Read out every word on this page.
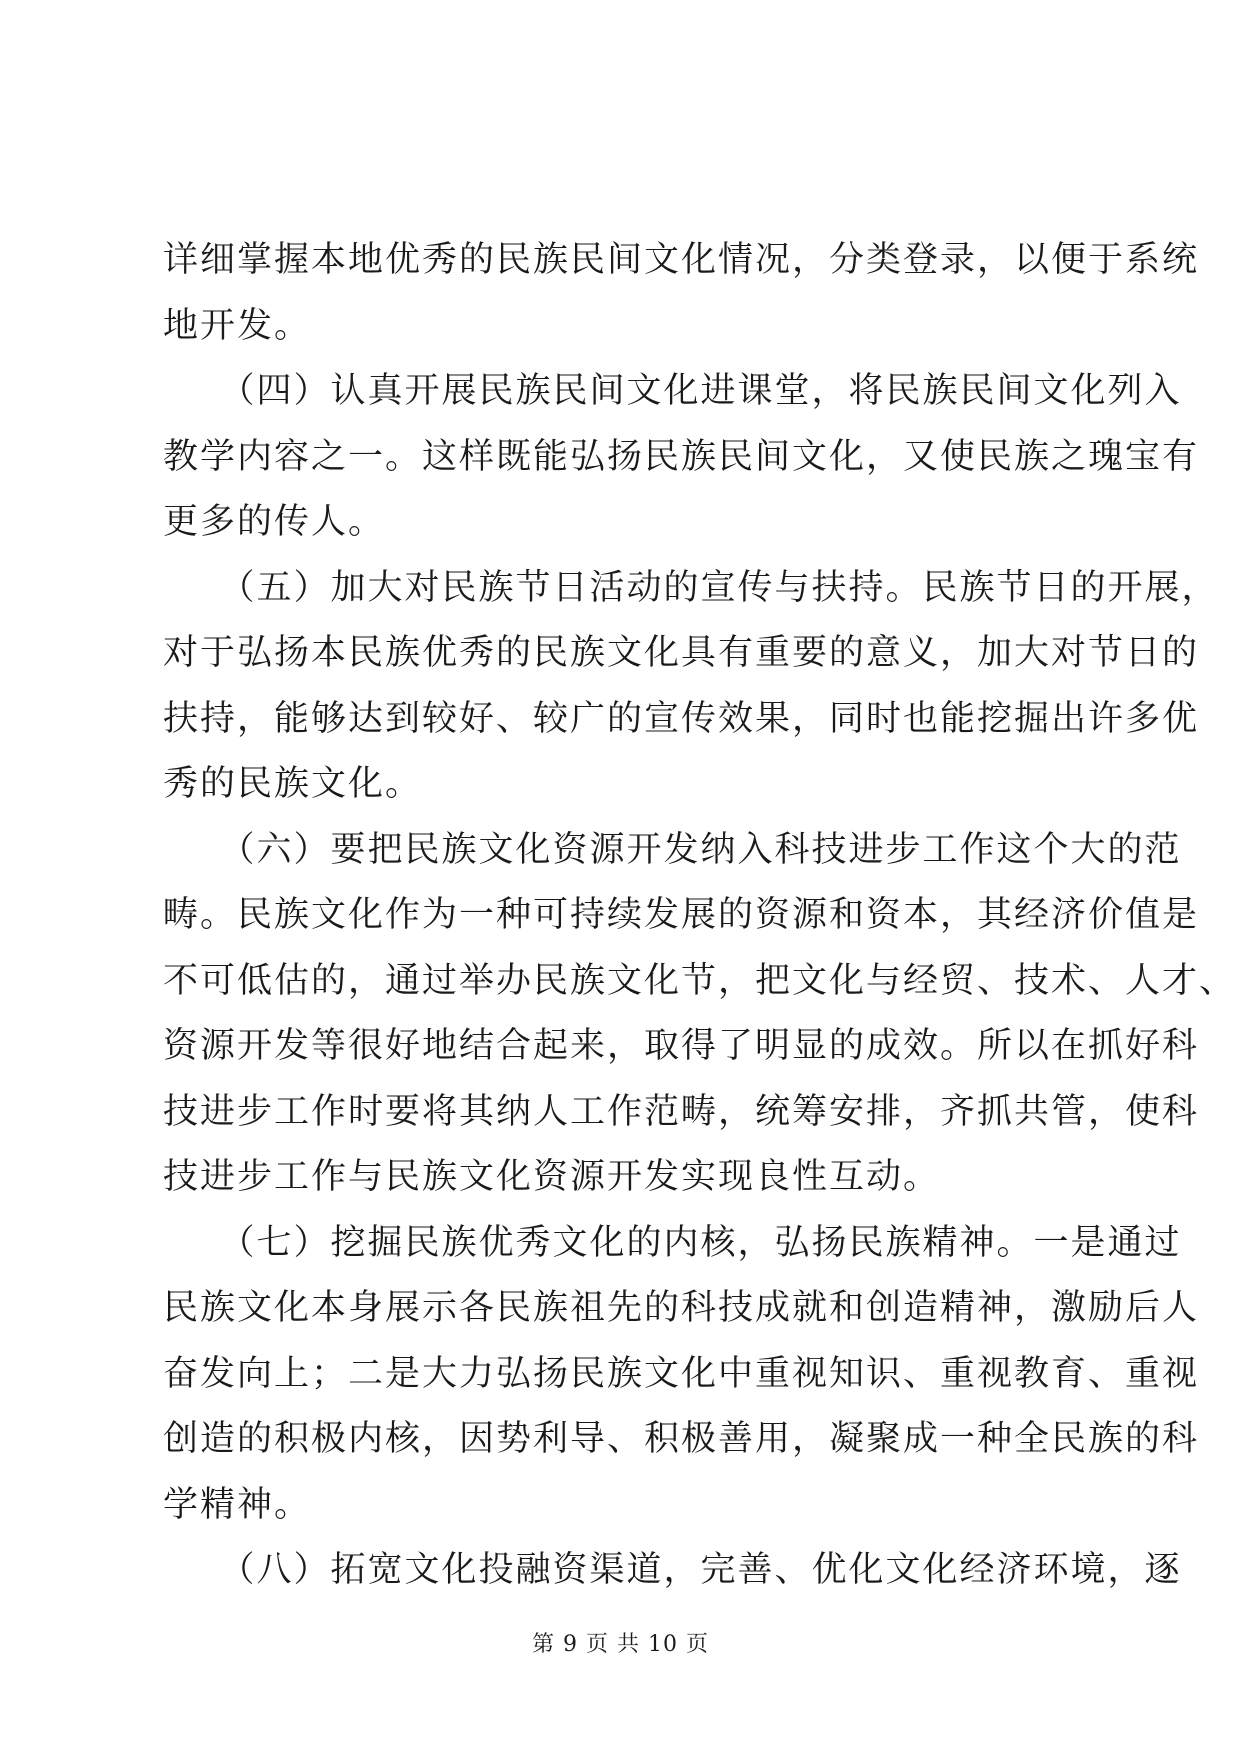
详细掌握本地优秀的民族民间文化情况，分类登录，以便于系统
地开发。

　　（四）认真开展民族民间文化进课堂，将民族民间文化列入
教学内容之一。这样既能弘扬民族民间文化，又使民族之瑰宝有
更多的传人。

　　（五）加大对民族节日活动的宣传与扶持。民族节日的开展，
对于弘扬本民族优秀的民族文化具有重要的意义，加大对节日的
扶持，能够达到较好、较广的宣传效果，同时也能挖掘出许多优
秀的民族文化。

　　（六）要把民族文化资源开发纳入科技进步工作这个大的范
畴。民族文化作为一种可持续发展的资源和资本，其经济价值是
不可低估的，通过举办民族文化节，把文化与经贸、技术、人才、
资源开发等很好地结合起来，取得了明显的成效。所以在抓好科
技进步工作时要将其纳人工作范畴，统筹安排，齐抓共管，使科
技进步工作与民族文化资源开发实现良性互动。

　　（七）挖掘民族优秀文化的内核，弘扬民族精神。一是通过
民族文化本身展示各民族祖先的科技成就和创造精神，激励后人
奋发向上；二是大力弘扬民族文化中重视知识、重视教育、重视
创造的积极内核，因势利导、积极善用，凝聚成一种全民族的科
学精神。

　　（八）拓宽文化投融资渠道，完善、优化文化经济环境，逐

第 9 页 共 10 页
